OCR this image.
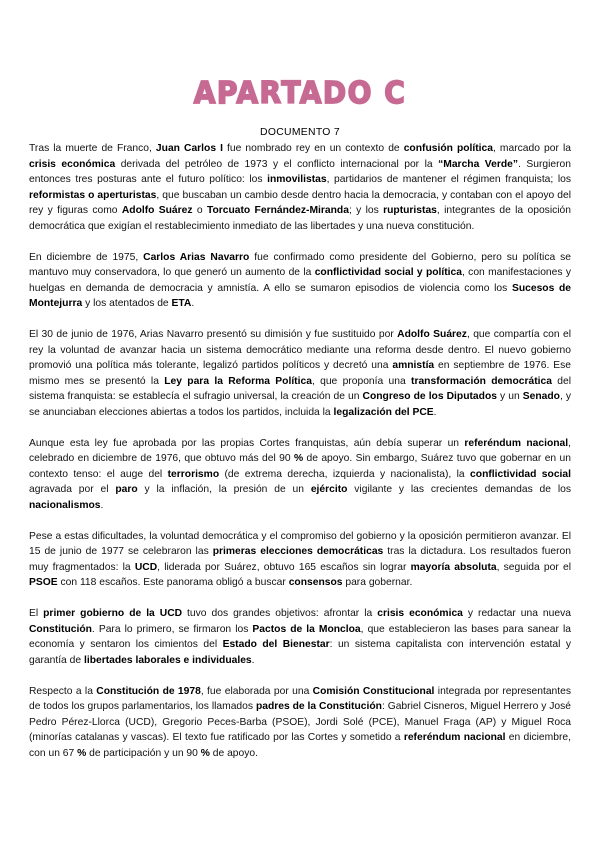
APARTADO C
DOCUMENTO 7

Tras la muerte de Franco, Juan Carlos I fue nombrado rey en un contexto de confusión política, marcado por la crisis económica derivada del petróleo de 1973 y el conflicto internacional por la “Marcha Verde”. Surgieron entonces tres posturas ante el futuro político: los inmovilistas, partidarios de mantener el régimen franquista; los reformistas o aperturistas, que buscaban un cambio desde dentro hacia la democracia, y contaban con el apoyo del rey y figuras como Adolfo Suárez o Torcuato Fernández-Miranda; y los rupturistas, integrantes de la oposición democrática que exigían el restablecimiento inmediato de las libertades y una nueva constitución.

En diciembre de 1975, Carlos Arias Navarro fue confirmado como presidente del Gobierno, pero su política se mantuvo muy conservadora, lo que generó un aumento de la conflictividad social y política, con manifestaciones y huelgas en demanda de democracia y amnistía. A ello se sumaron episodios de violencia como los Sucesos de Montejurra y los atentados de ETA.

El 30 de junio de 1976, Arias Navarro presentó su dimisión y fue sustituido por Adolfo Suárez, que compartía con el rey la voluntad de avanzar hacia un sistema democrático mediante una reforma desde dentro. El nuevo gobierno promovió una política más tolerante, legalizó partidos políticos y decretó una amnistía en septiembre de 1976. Ese mismo mes se presentó la Ley para la Reforma Política, que proponía una transformación democrática del sistema franquista: se establecía el sufragio universal, la creación de un Congreso de los Diputados y un Senado, y se anunciaban elecciones abiertas a todos los partidos, incluida la legalización del PCE.

Aunque esta ley fue aprobada por las propias Cortes franquistas, aún debía superar un referéndum nacional, celebrado en diciembre de 1976, que obtuvo más del 90 % de apoyo. Sin embargo, Suárez tuvo que gobernar en un contexto tenso: el auge del terrorismo (de extrema derecha, izquierda y nacionalista), la conflictividad social agravada por el paro y la inflación, la presión de un ejército vigilante y las crecientes demandas de los nacionalismos.

Pese a estas dificultades, la voluntad democrática y el compromiso del gobierno y la oposición permitieron avanzar. El 15 de junio de 1977 se celebraron las primeras elecciones democráticas tras la dictadura. Los resultados fueron muy fragmentados: la UCD, liderada por Suárez, obtuvo 165 escaños sin lograr mayoría absoluta, seguida por el PSOE con 118 escaños. Este panorama obligó a buscar consensos para gobernar.

El primer gobierno de la UCD tuvo dos grandes objetivos: afrontar la crisis económica y redactar una nueva Constitución. Para lo primero, se firmaron los Pactos de la Moncloa, que establecieron las bases para sanear la economía y sentaron los cimientos del Estado del Bienestar: un sistema capitalista con intervención estatal y garantía de libertades laborales e individuales.

Respecto a la Constitución de 1978, fue elaborada por una Comisión Constitucional integrada por representantes de todos los grupos parlamentarios, los llamados padres de la Constitución: Gabriel Cisneros, Miguel Herrero y José Pedro Pérez-Llorca (UCD), Gregorio Peces-Barba (PSOE), Jordi Solé (PCE), Manuel Fraga (AP) y Miguel Roca (minorías catalanas y vascas). El texto fue ratificado por las Cortes y sometido a referéndum nacional en diciembre, con un 67 % de participación y un 90 % de apoyo.
